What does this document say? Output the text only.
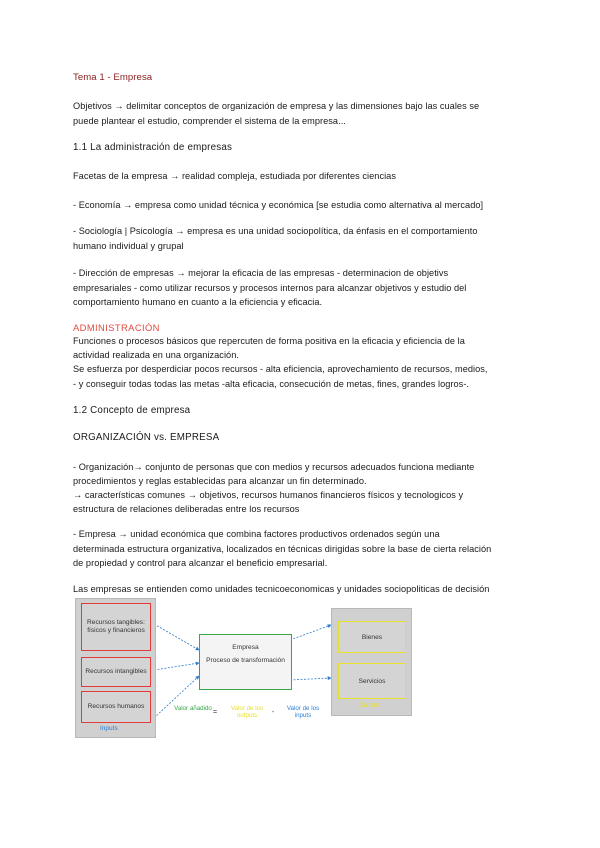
Tema 1 - Empresa

Objetivos → delimitar conceptos de organización de empresa y las dimensiones bajo las cuales se

puede plantear el estudio, comprender el sistema de la empresa...

1.1 La administración de empresas

Facetas de la empresa → realidad compleja, estudiada por diferentes ciencias

- Economía → empresa como unidad técnica y económica [se estudia como alternativa al mercado]

- Sociología | Psicología → empresa es una unidad sociopolítica, da énfasis en el comportamiento

humano individual y grupal

- Dirección de empresas → mejorar la eficacia de las empresas - determinacion de objetivs

empresariales - como utilizar recursos y procesos internos para alcanzar objetivos y estudio del

comportamiento humano en cuanto a la eficiencia y eficacia.

ADMINISTRACIÓN

Funciones o procesos básicos que repercuten de forma positiva en la eficacia y eficiencia de la

actividad realizada en una organización.

Se esfuerza por desperdiciar pocos recursos - alta eficiencia, aprovechamiento de recursos, medios,

- y conseguir todas todas las metas -alta eficacia, consecución de metas, fines, grandes logros-.

1.2 Concepto de empresa

ORGANIZACIÓN vs. EMPRESA

- Organización→ conjunto de personas que con medios y recursos adecuados funciona mediante

procedimientos y reglas establecidas para alcanzar un fin determinado.

→ características comunes → objetivos, recursos humanos financieros físicos y tecnologicos y

estructura de relaciones deliberadas entre los recursos

- Empresa → unidad económica que combina factores productivos ordenados según una

determinada estructura organizativa, localizados en técnicas dirigidas sobre la base de cierta relación

de propiedad y control para alcanzar el beneficio empresarial.

Las empresas se entienden como unidades tecnicoeconomicas y unidades sociopoliticas de decisión

Recursos tangibles: físicos y financieros
Recursos intangibles
Recursos humanos
Inputs
Empresa
Proceso de transformación
Bienes
Servicios
Outputs
Valor añadido
=
Valor de los outputs	-
Valor de los inputs
